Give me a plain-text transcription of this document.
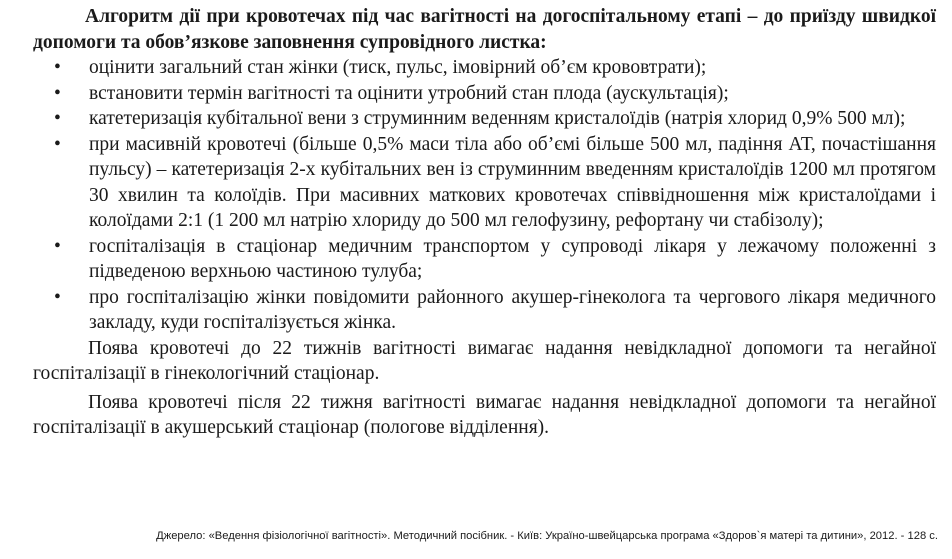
Алгоритм дії при кровотечах під час вагітності на догоспітальному етапі – до приїзду швидкої допомоги та обов’язкове заповнення супровідного листка:

• оцінити загальний стан жінки (тиск, пульс, імовірний об’єм крововтрати);
• встановити термін вагітності та оцінити утробний стан плода (аускультація);
• катетеризація кубітальної вени з струминним веденням кристалоїдів (натрія хлорид 0,9% 500 мл);
• при масивній кровотечі (більше 0,5% маси тіла або об’ємі більше 500 мл, падіння АТ, почастішання пульсу) – катетеризація 2-х кубітальних вен із струминним введенням кристалоїдів 1200 мл протягом 30 хвилин та колоїдів. При масивних маткових кровотечах співвідношення між кристалоїдами і колоїдами 2:1 (1 200 мл натрію хлориду до 500 мл гелофузину, рефортану чи стабізолу);
• госпіталізація в стаціонар медичним транспортом у супроводі лікаря у лежачому положенні з підведеною верхньою частиною тулуба;
• про госпіталізацію жінки повідомити районного акушер-гінеколога та чергового лікаря медичного закладу, куди госпіталізується жінка.

Поява кровотечі до 22 тижнів вагітності вимагає надання невідкладної допомоги та негайної госпіталізації в гінекологічний стаціонар.

Поява кровотечі після 22 тижня вагітності вимагає надання невідкладної допомоги та негайної госпіталізації в акушерський стаціонар (пологове відділення).

Джерело: «Ведення фізіологічної вагітності». Методичний посібник. - Київ: Україно-швейцарська програма «Здоров`я матері та дитини», 2012. - 128 с.
